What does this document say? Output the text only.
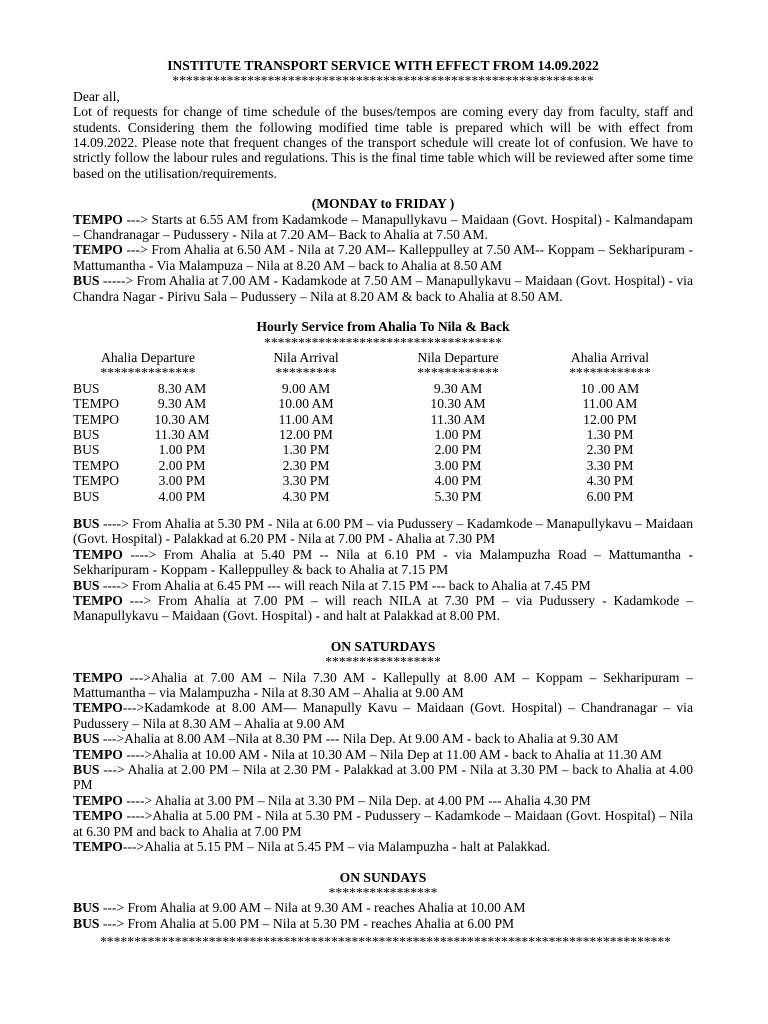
INSTITUTE TRANSPORT SERVICE WITH EFFECT FROM 14.09.2022
**************************************************************

Dear all,

Lot of requests for change of time schedule of the buses/tempos are coming every day from faculty, staff and students. Considering them the following modified time table is prepared which will be with effect from 14.09.2022. Please note that frequent changes of the transport schedule will create lot of confusion. We have to strictly follow the labour rules and regulations. This is the final time table which will be reviewed after some time based on the utilisation/requirements.

(MONDAY to FRIDAY )

TEMPO ---> Starts at 6.55 AM from Kadamkode – Manapullykavu – Maidaan (Govt. Hospital) - Kalmandapam – Chandranagar – Pudussery - Nila at 7.20 AM– Back to Ahalia at 7.50 AM.

TEMPO ---> From Ahalia at 6.50 AM - Nila at 7.20 AM-- Kalleppulley at 7.50 AM-- Koppam – Sekharipuram - Mattumantha - Via Malampuza – Nila at 8.20 AM – back to Ahalia at 8.50 AM

BUS -----> From Ahalia at 7.00 AM - Kadamkode at 7.50 AM – Manapullykavu – Maidaan (Govt. Hospital) - via Chandra Nagar - Pirivu Sala – Pudussery – Nila at 8.20 AM & back to Ahalia at 8.50 AM.

Hourly Service from Ahalia To Nila & Back
***********************************
Ahalia Departure		Nila Arrival	Nila Departure	Ahalia Arrival
**************		*********	************	************
BUS	8.30 AM	9.00 AM	9.30 AM	10 .00 AM
TEMPO	9.30 AM	10.00 AM	10.30 AM	11.00 AM
TEMPO	10.30 AM	11.00 AM	11.30 AM	12.00 PM
BUS	11.30 AM	12.00 PM	1.00 PM	1.30 PM
BUS	1.00 PM	1.30 PM	2.00 PM	2.30 PM
TEMPO	2.00 PM	2.30 PM	3.00 PM	3.30 PM
TEMPO	3.00 PM	3.30 PM	4.00 PM	4.30 PM
BUS	4.00 PM	4.30 PM	5.30 PM	6.00 PM

BUS ----> From Ahalia at 5.30 PM - Nila at 6.00 PM – via Pudussery – Kadamkode – Manapullykavu – Maidaan (Govt. Hospital) - Palakkad at 6.20 PM - Nila at 7.00 PM - Ahalia at 7.30 PM

TEMPO ----> From Ahalia at 5.40 PM -- Nila at 6.10 PM - via Malampuzha Road – Mattumantha - Sekharipuram - Koppam - Kalleppulley & back to Ahalia at 7.15 PM

BUS ----> From Ahalia at 6.45 PM --- will reach Nila at 7.15 PM --- back to Ahalia at 7.45 PM

TEMPO ---> From Ahalia at 7.00 PM – will reach NILA at 7.30 PM – via Pudussery - Kadamkode – Manapullykavu – Maidaan (Govt. Hospital) - and halt at Palakkad at 8.00 PM.

ON SATURDAYS
*****************

TEMPO --->Ahalia at 7.00 AM – Nila 7.30 AM - Kallepully at 8.00 AM – Koppam – Sekharipuram – Mattumantha – via Malampuzha - Nila at 8.30 AM – Ahalia at 9.00 AM

TEMPO--->Kadamkode at 8.00 AM— Manapully Kavu – Maidaan (Govt. Hospital) – Chandranagar – via Pudussery – Nila at 8.30 AM – Ahalia at 9.00 AM

BUS --->Ahalia at 8.00 AM –Nila at 8.30 PM --- Nila Dep. At 9.00 AM - back to Ahalia at 9.30 AM

TEMPO ---->Ahalia at 10.00 AM - Nila at 10.30 AM – Nila Dep at 11.00 AM - back to Ahalia at 11.30 AM

BUS ---> Ahalia at 2.00 PM – Nila at 2.30 PM - Palakkad at 3.00 PM - Nila at 3.30 PM – back to Ahalia at 4.00 PM

TEMPO ----> Ahalia at 3.00 PM – Nila at 3.30 PM – Nila Dep. at 4.00 PM --- Ahalia 4.30 PM

TEMPO ---->Ahalia at 5.00 PM - Nila at 5.30 PM - Pudussery – Kadamkode – Maidaan (Govt. Hospital) – Nila at 6.30 PM and back to Ahalia at 7.00 PM

TEMPO--->Ahalia at 5.15 PM – Nila at 5.45 PM – via Malampuzha - halt at Palakkad.

ON SUNDAYS
****************

BUS ---> From Ahalia at 9.00 AM – Nila at 9.30 AM - reaches Ahalia at 10.00 AM

BUS ---> From Ahalia at 5.00 PM – Nila at 5.30 PM - reaches Ahalia at 6.00 PM

************************************************************************************
